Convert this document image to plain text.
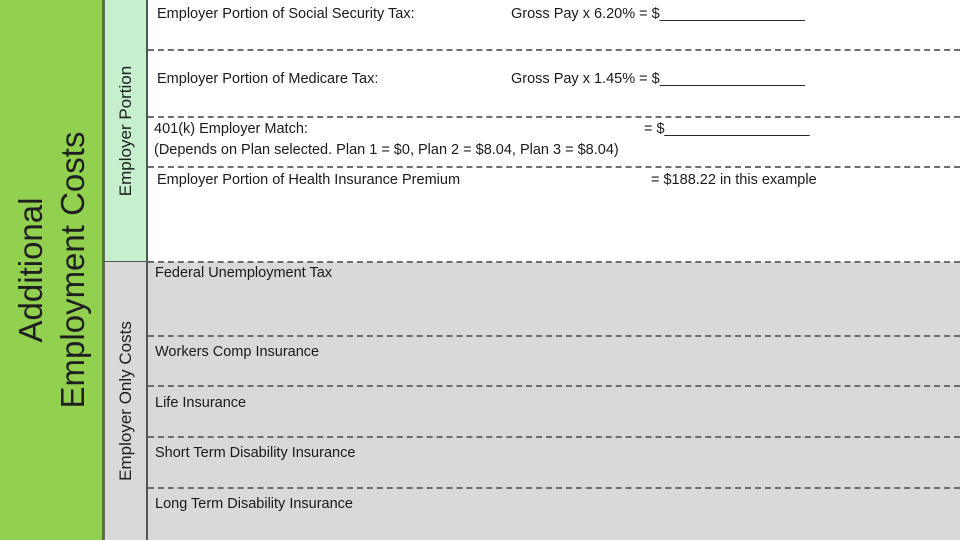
Additional Employment Costs
Employer Portion
Employer Only Costs
Employer Portion of Social Security Tax:	Gross Pay x 6.20% = $__________________
Employer Portion of Medicare Tax:	Gross Pay x 1.45% = $__________________
401(k) Employer Match:	= $__________________
(Depends on Plan selected. Plan 1 = $0, Plan 2 = $8.04, Plan 3 = $8.04)
Employer Portion of Health Insurance Premium	= $188.22 in this example
Federal Unemployment Tax
Workers Comp Insurance
Life Insurance
Short Term Disability Insurance
Long Term Disability Insurance
